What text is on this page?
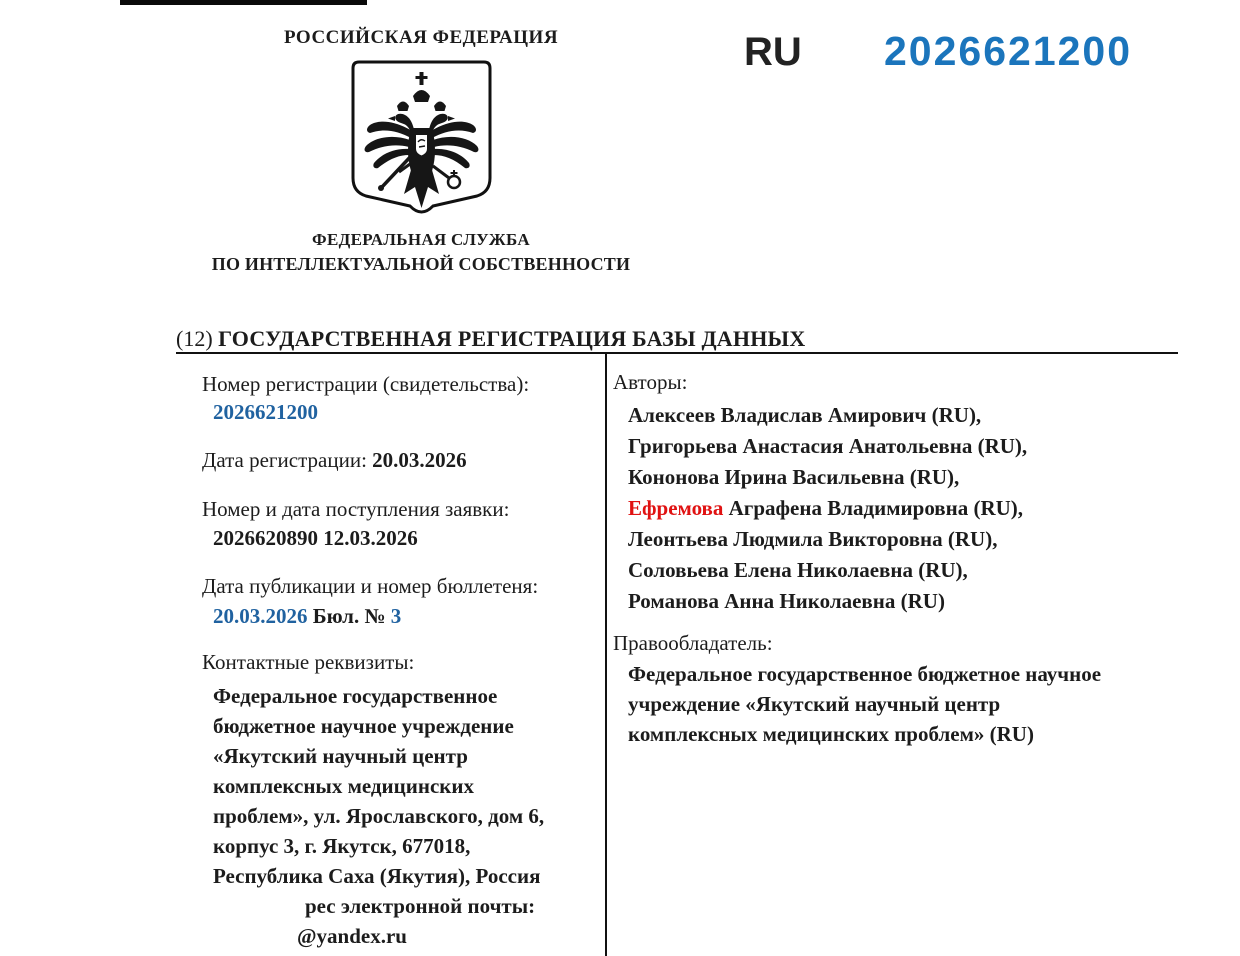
РОССИЙСКАЯ ФЕДЕРАЦИЯ
ФЕДЕРАЛЬНАЯ СЛУЖБА
ПО ИНТЕЛЛЕКТУАЛЬНОЙ СОБСТВЕННОСТИ
RU 2026621200
(12) ГОСУДАРСТВЕННАЯ РЕГИСТРАЦИЯ БАЗЫ ДАННЫХ
Номер регистрации (свидетельства):
2026621200
Дата регистрации: 20.03.2026
Номер и дата поступления заявки:
2026620890 12.03.2026
Дата публикации и номер бюллетеня:
20.03.2026 Бюл. № 3
Контактные реквизиты:
Федеральное государственное
бюджетное научное учреждение
«Якутский научный центр
комплексных медицинских
проблем», ул. Ярославского, дом 6,
корпус 3, г. Якутск, 677018,
Республика Саха (Якутия), Россия
рес электронной почты:
@yandex.ru
Авторы:
Алексеев Владислав Амирович (RU),
Григорьева Анастасия Анатольевна (RU),
Кононова Ирина Васильевна (RU),
Ефремова Аграфена Владимировна (RU),
Леонтьева Людмила Викторовна (RU),
Соловьева Елена Николаевна (RU),
Романова Анна Николаевна (RU)
Правообладатель:
Федеральное государственное бюджетное научное
учреждение «Якутский научный центр
комплексных медицинских проблем» (RU)
